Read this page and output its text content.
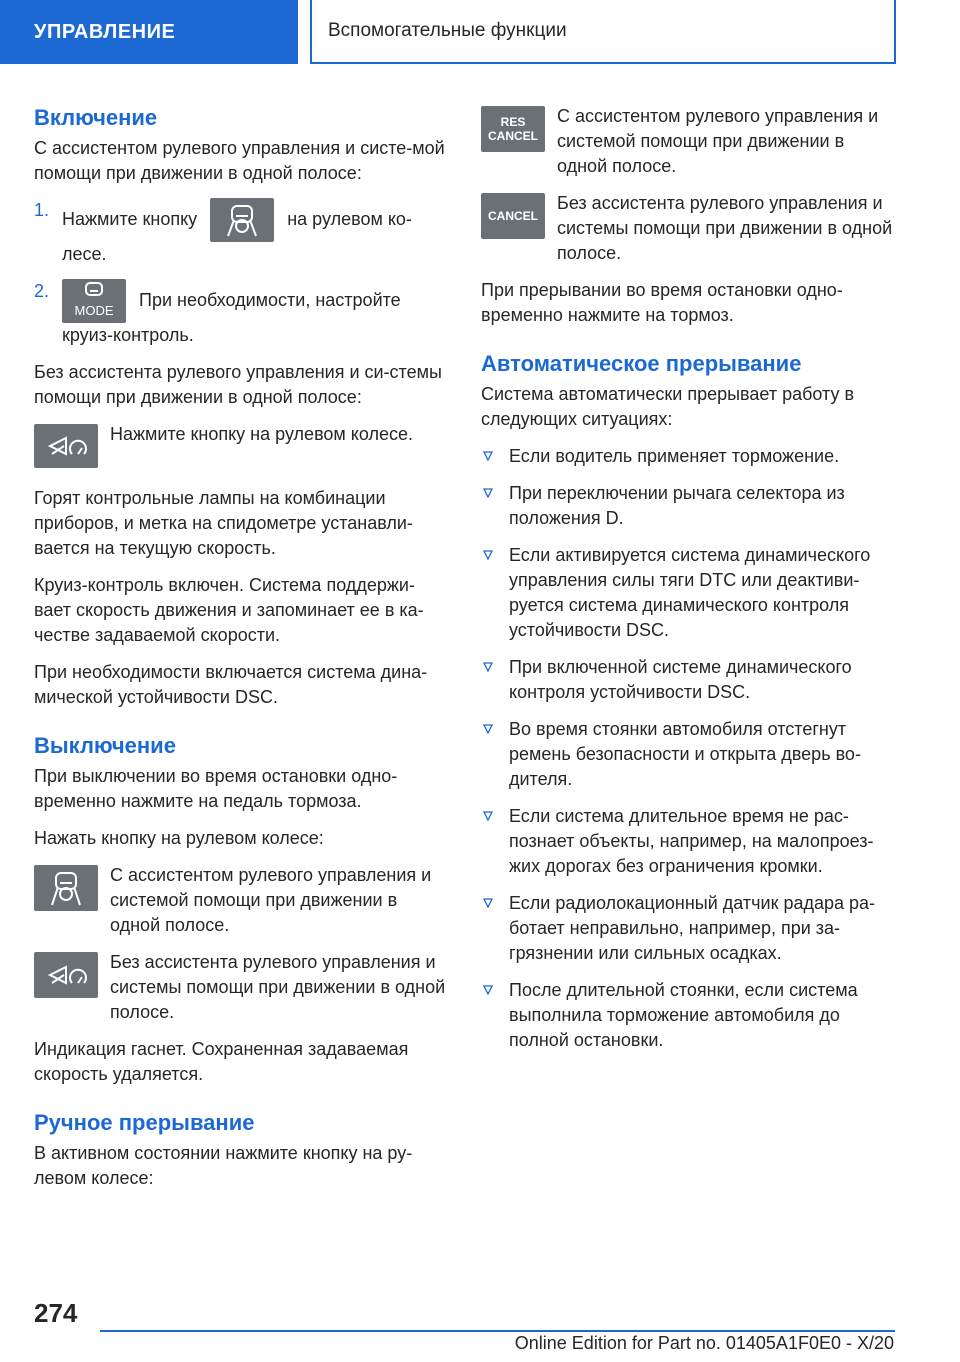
УПРАВЛЕНИЕ	Вспомогательные функции
Включение

С ассистентом рулевого управления и систе-мой помощи при движении в одной полосе:

1. Нажмите кнопку	на рулевом ко-лесе.
2.
MODE
При необходимости, настройте круиз-контроль.

Без ассистента рулевого управления и си-стемы помощи при движении в одной полосе:

Нажмите кнопку на рулевом колесе.

Горят контрольные лампы на комбинации приборов, и метка на спидометре устанавли-вается на текущую скорость.

Круиз-контроль включен. Система поддержи-вает скорость движения и запоминает ее в ка-честве задаваемой скорости.

При необходимости включается система дина-мической устойчивости DSC.

Выключение

При выключении во время остановки одно-временно нажмите на педаль тормоза.

Нажать кнопку на рулевом колесе:

С ассистентом рулевого управления и системой помощи при движении в одной полосе.
Без ассистента рулевого управления и системы помощи при движении в одной полосе.

Индикация гаснет. Сохраненная задаваемая скорость удаляется.

Ручное прерывание

В активном состоянии нажмите кнопку на ру-левом колесе:

RES
CANCEL
С ассистентом рулевого управления и системой помощи при движении в одной полосе.
CANCEL
Без ассистента рулевого управления и системы помощи при движении в одной полосе.

При прерывании во время остановки одно-временно нажмите на тормоз.

Автоматическое прерывание

Система автоматически прерывает работу в следующих ситуациях:

Если водитель применяет торможение.
При переключении рычага селектора из положения D.
Если активируется система динамического управления силы тяги DTC или деактиви-руется система динамического контроля устойчивости DSC.
При включенной системе динамического контроля устойчивости DSC.
Во время стоянки автомобиля отстегнут ремень безопасности и открыта дверь во-дителя.
Если система длительное время не рас-познает объекты, например, на малопроез-жих дорогах без ограничения кромки.
Если радиолокационный датчик радара ра-ботает неправильно, например, при за-грязнении или сильных осадках.
После длительной стоянки, если система выполнила торможение автомобиля до полной остановки.
274
Online Edition for Part no. 01405A1F0E0 - X/20
